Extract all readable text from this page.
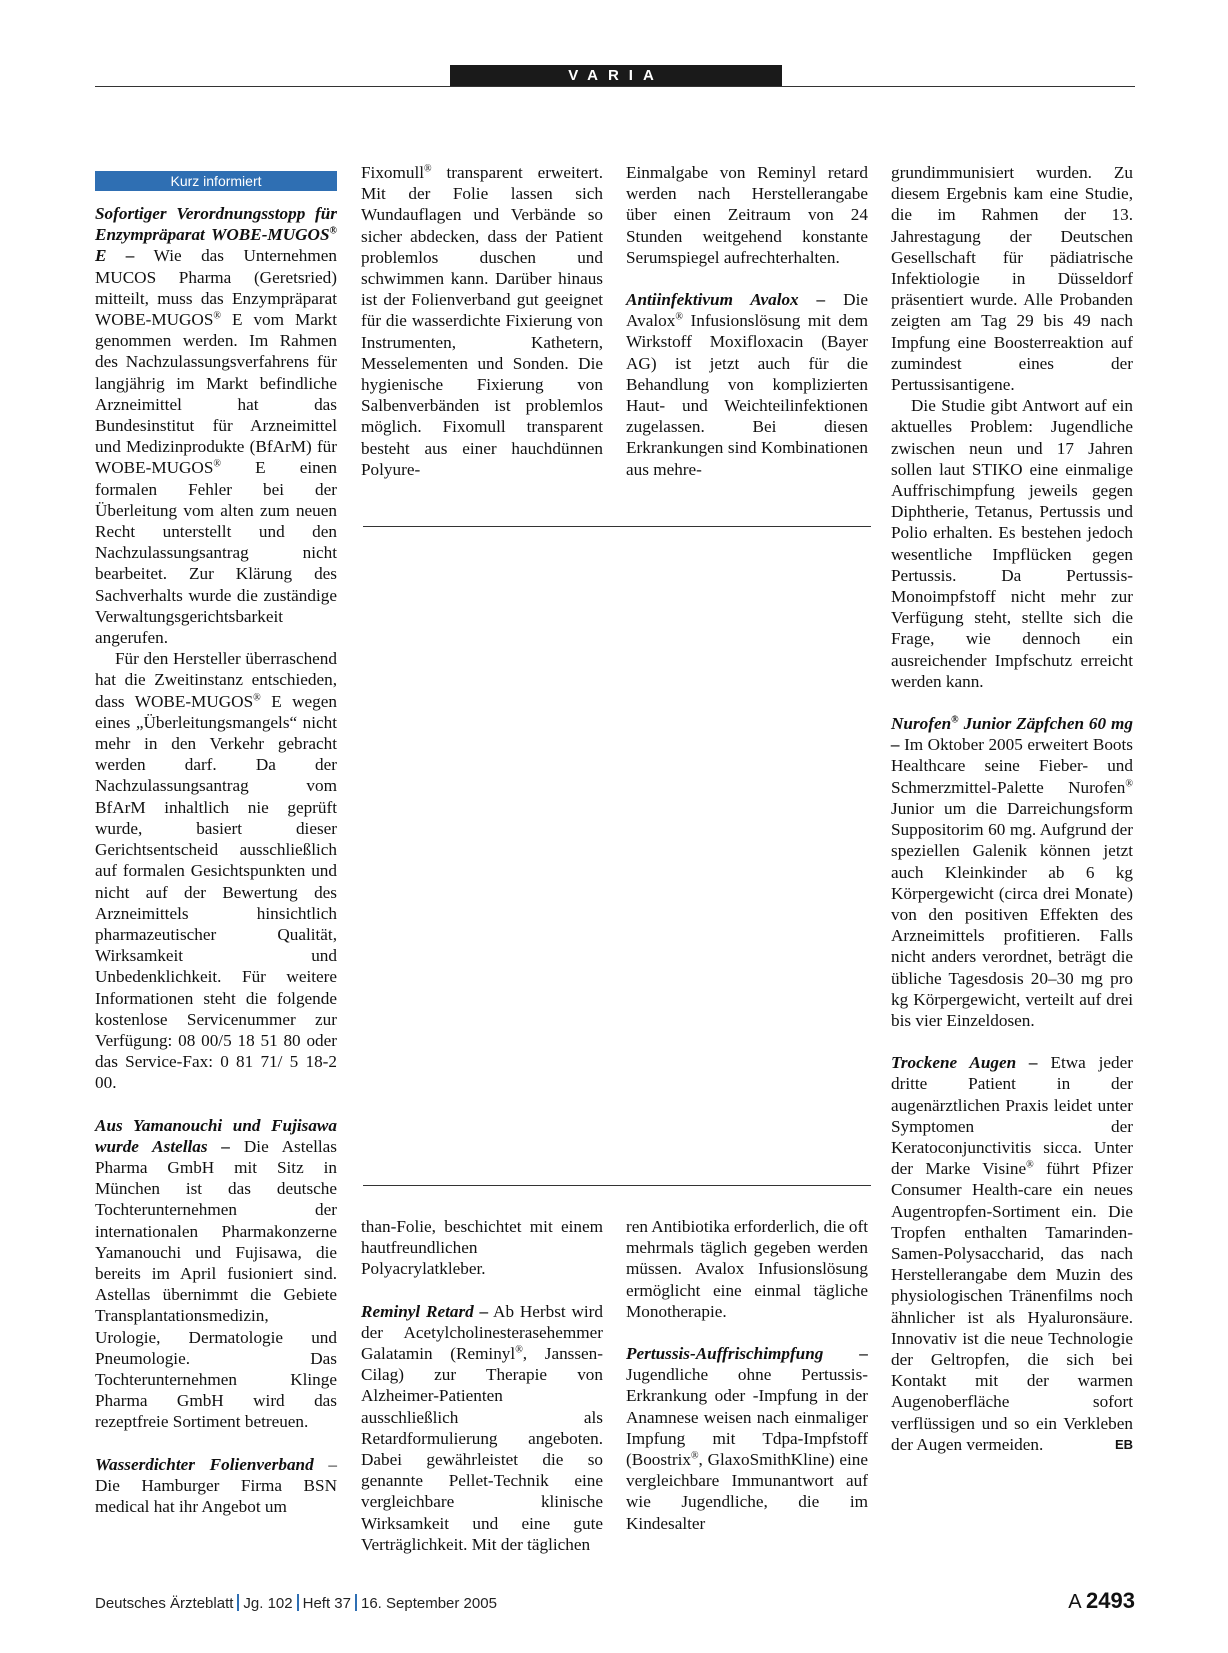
VARIA
Kurz informiert

Sofortiger Verordnungsstopp für Enzympräparat WOBE-MUGOS® E – Wie das Unternehmen MUCOS Pharma (Geretsried) mitteilt, muss das Enzympräparat WOBE-MUGOS® E vom Markt genommen werden. Im Rahmen des Nachzulassungsverfahrens für langjährig im Markt befindliche Arzneimittel hat das Bundesinstitut für Arzneimittel und Medizinprodukte (BfArM) für WOBE-MUGOS® E einen formalen Fehler bei der Überleitung vom alten zum neuen Recht unterstellt und den Nachzulassungsantrag nicht bearbeitet. Zur Klärung des Sachverhalts wurde die zuständige Verwaltungsgerichtsbarkeit angerufen.

Für den Hersteller überraschend hat die Zweitinstanz entschieden, dass WOBE-MUGOS® E wegen eines „Überleitungsmangels“ nicht mehr in den Verkehr gebracht werden darf. Da der Nachzulassungsantrag vom BfArM inhaltlich nie geprüft wurde, basiert dieser Gerichtsentscheid ausschließlich auf formalen Gesichtspunkten und nicht auf der Bewertung des Arzneimittels hinsichtlich pharmazeutischer Qualität, Wirksamkeit und Unbedenklichkeit. Für weitere Informationen steht die folgende kostenlose Servicenummer zur Verfügung: 08 00/5 18 51 80 oder das Service-Fax: 0 81 71/ 5 18-2 00.

Aus Yamanouchi und Fujisawa wurde Astellas – Die Astellas Pharma GmbH mit Sitz in München ist das deutsche Tochterunternehmen der internationalen Pharmakonzerne Yamanouchi und Fujisawa, die bereits im April fusioniert sind. Astellas übernimmt die Gebiete Transplantationsmedizin, Urologie, Dermatologie und Pneumologie. Das Tochterunternehmen Klinge Pharma GmbH wird das rezeptfreie Sortiment betreuen.

Wasserdichter Folienverband – Die Hamburger Firma BSN medical hat ihr Angebot um

Fixomull® transparent erweitert. Mit der Folie lassen sich Wundauflagen und Verbände so sicher abdecken, dass der Patient problemlos duschen und schwimmen kann. Darüber hinaus ist der Folienverband gut geeignet für die wasserdichte Fixierung von Instrumenten, Kathetern, Messelementen und Sonden. Die hygienische Fixierung von Salbenverbänden ist problemlos möglich. Fixomull transparent besteht aus einer hauchdünnen Polyure-

Einmalgabe von Reminyl retard werden nach Herstellerangabe über einen Zeitraum von 24 Stunden weitgehend konstante Serumspiegel aufrechterhalten.

Antiinfektivum Avalox – Die Avalox® Infusionslösung mit dem Wirkstoff Moxifloxacin (Bayer AG) ist jetzt auch für die Behandlung von komplizierten Haut- und Weichteilinfektionen zugelassen. Bei diesen Erkrankungen sind Kombinationen aus mehre-

than-Folie, beschichtet mit einem hautfreundlichen Polyacrylatkleber.

Reminyl Retard – Ab Herbst wird der Acetylcholinesterasehemmer Galatamin (Reminyl®, Janssen-Cilag) zur Therapie von Alzheimer-Patienten ausschließlich als Retardformulierung angeboten. Dabei gewährleistet die so genannte Pellet-Technik eine vergleichbare klinische Wirksamkeit und eine gute Verträglichkeit. Mit der täglichen

ren Antibiotika erforderlich, die oft mehrmals täglich gegeben werden müssen. Avalox Infusionslösung ermöglicht eine einmal tägliche Monotherapie.

Pertussis-Auffrischimpfung – Jugendliche ohne Pertussis-Erkrankung oder -Impfung in der Anamnese weisen nach einmaliger Impfung mit Tdpa-Impfstoff (Boostrix®, GlaxoSmithKline) eine vergleichbare Immunantwort auf wie Jugendliche, die im Kindesalter

grundimmunisiert wurden. Zu diesem Ergebnis kam eine Studie, die im Rahmen der 13. Jahrestagung der Deutschen Gesellschaft für pädiatrische Infektiologie in Düsseldorf präsentiert wurde. Alle Probanden zeigten am Tag 29 bis 49 nach Impfung eine Boosterreaktion auf zumindest eines der Pertussisantigene.

Die Studie gibt Antwort auf ein aktuelles Problem: Jugendliche zwischen neun und 17 Jahren sollen laut STIKO eine einmalige Auffrischimpfung jeweils gegen Diphtherie, Tetanus, Pertussis und Polio erhalten. Es bestehen jedoch wesentliche Impflücken gegen Pertussis. Da Pertussis-Monoimpfstoff nicht mehr zur Verfügung steht, stellte sich die Frage, wie dennoch ein ausreichender Impfschutz erreicht werden kann.

Nurofen® Junior Zäpfchen 60 mg – Im Oktober 2005 erweitert Boots Healthcare seine Fieber- und Schmerzmittel-Palette Nurofen® Junior um die Darreichungsform Suppositorim 60 mg. Aufgrund der speziellen Galenik können jetzt auch Kleinkinder ab 6 kg Körpergewicht (circa drei Monate) von den positiven Effekten des Arzneimittels profitieren. Falls nicht anders verordnet, beträgt die übliche Tagesdosis 20–30 mg pro kg Körpergewicht, verteilt auf drei bis vier Einzeldosen.

Trockene Augen – Etwa jeder dritte Patient in der augenärztlichen Praxis leidet unter Symptomen der Keratoconjunctivitis sicca. Unter der Marke Visine® führt Pfizer Consumer Health-care ein neues Augentropfen-Sortiment ein. Die Tropfen enthalten Tamarinden-Samen-Polysaccharid, das nach Herstellerangabe dem Muzin des physiologischen Tränenfilms noch ähnlicher ist als Hyaluronsäure. Innovativ ist die neue Technologie der Geltropfen, die sich bei Kontakt mit der warmen Augenoberfläche sofort verflüssigen und so ein Verkleben der Augen vermeiden.	EB

Deutsches Ärzteblatt Jg. 102 Heft 37 16. September 2005	A 2493
